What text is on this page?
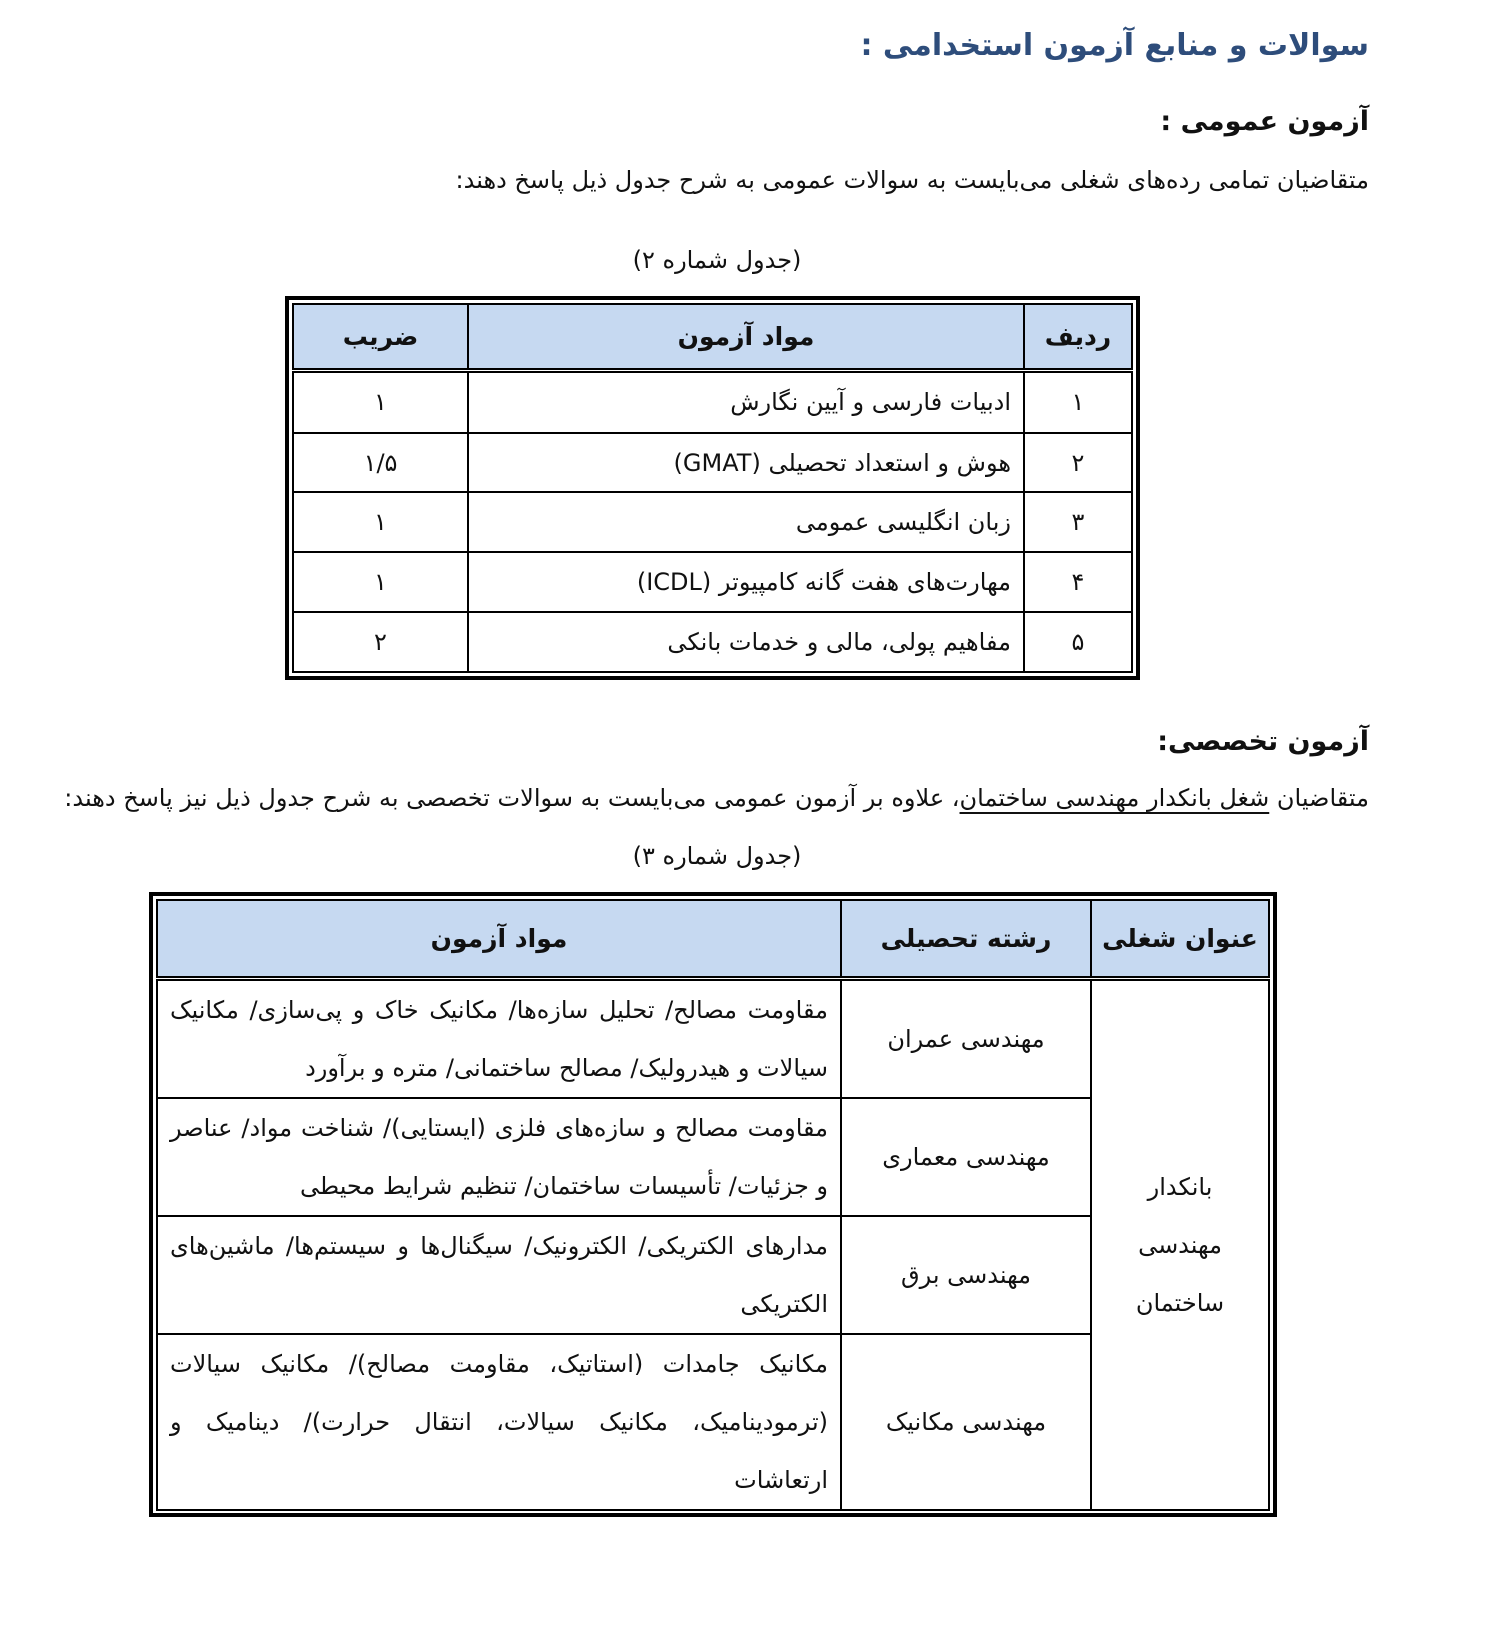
سوالات و منابع آزمون استخدامی :
آزمون عمومی :

متقاضیان تمامی رده‌های شغلی می‌بایست به سوالات عمومی به شرح جدول ذیل پاسخ دهند:

(جدول شماره ۲)

ردیف	مواد آزمون	ضریب
۱	ادبیات فارسی و آیین نگارش	۱
۲	هوش و استعداد تحصیلی (GMAT)	۱/۵
۳	زبان انگلیسی عمومی	۱
۴	مهارت‌های هفت گانه کامپیوتر (ICDL)	۱
۵	مفاهیم پولی، مالی و خدمات بانکی	۲
آزمون تخصصی:

متقاضیان شغل بانکدار مهندسی ساختمان، علاوه بر آزمون عمومی می‌بایست به سوالات تخصصی به شرح جدول ذیل نیز پاسخ دهند:

(جدول شماره ۳)

عنوان شغلی	رشته تحصیلی	مواد آزمون
بانکدار مهندسی ساختمان	مهندسی عمران	مقاومت مصالح/ تحلیل سازه‌ها/ مکانیک خاک و پی‌سازی/ مکانیک سیالات و هیدرولیک/ مصالح ساختمانی/ متره و برآورد
	مهندسی معماری	مقاومت مصالح و سازه‌های فلزی (ایستایی)/ شناخت مواد/ عناصر و جزئیات/ تأسیسات ساختمان/ تنظیم شرایط محیطی
	مهندسی برق	مدارهای الکتریکی/ الکترونیک/ سیگنال‌ها و سیستم‌ها/ ماشین‌های الکتریکی
	مهندسی مکانیک	مکانیک جامدات (استاتیک، مقاومت مصالح)/ مکانیک سیالات (ترمودینامیک، مکانیک سیالات، انتقال حرارت)/ دینامیک و ارتعاشات
